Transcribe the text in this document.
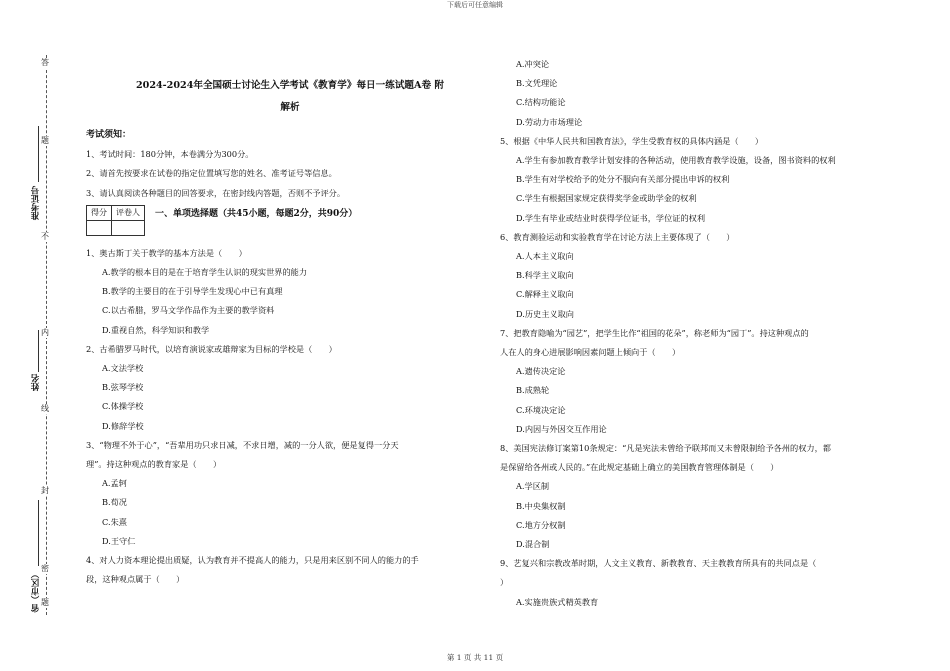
下载后可任意编辑
答
题
不
内
线
封
密
题
准考证号
姓名
省（市区）
2024-2024年全国硕士讨论生入学考试《教育学》每日一练试题A卷 附
解析
考试须知：
1、考试时间：180分钟，本卷满分为300分。
2、请首先按要求在试卷的指定位置填写您的姓名、准考证号等信息。
3、请认真阅读各种题目的回答要求，在密封线内答题，否则不予评分。
得分	评卷人
	一、单项选择题（共45小题，每题2分，共90分）
1、奥古斯丁关于教学的基本方法是（　　）
A.教学的根本目的是在于培育学生认识的现实世界的能力
B.教学的主要目的在于引导学生发现心中已有真理
C.以古希腊，罗马文学作品作为主要的教学资料
D.重视自然，科学知识和教学
2、古希腊罗马时代，以培育演说家或雄辩家为目标的学校是（　　）
A.文法学校
B.弦琴学校
C.体操学校
D.修辞学校
3、“物理不外于心”，“吾辈用功只求日减，不求日增，减的一分人欲，便是复得一分天
理”。持这种观点的教育家是（　　）
A.孟轲
B.荀况
C.朱熹
D.王守仁
4、对人力资本理论提出质疑，认为教育并不提高人的能力，只是用来区别不同人的能力的手
段，这种观点属于（　　）
A.冲突论
B.文凭理论
C.结构功能论
D.劳动力市场理论
5、根据《中华人民共和国教育法》，学生受教育权的具体内涵是（　　）
A.学生有参加教育教学计划安排的各种活动，使用教育教学设施，设备，图书资料的权利
B.学生有对学校给予的处分不服向有关部分提出申诉的权利
C.学生有根据国家规定获得奖学金或助学金的权利
D.学生有毕业或结业时获得学位证书，学位证的权利
6、教育测验运动和实验教育学在讨论方法上主要体现了（　　）
A.人本主义取向
B.科学主义取向
C.解释主义取向
D.历史主义取向
7、把教育隐喻为“园艺”，把学生比作“祖国的花朵”，称老师为“园丁”。持这种观点的
人在人的身心进展影响因素问题上倾向于（　　）
A.遗传决定论
B.成熟轮
C.环境决定论
D.内因与外因交互作用论
8、美国宪法修订案第10条规定：“凡是宪法未曾给予联邦而又未曾限制给予各州的权力，都
是保留给各州或人民的。”在此规定基础上确立的美国教育管理体制是（　　）
A.学区制
B.中央集权制
C.地方分权制
D.混合制
9、艺复兴和宗教改革时期，人文主义教育、新教教育、天主教教育所具有的共同点是（
）
A.实施贵族式精英教育
第 1 页 共 11 页
